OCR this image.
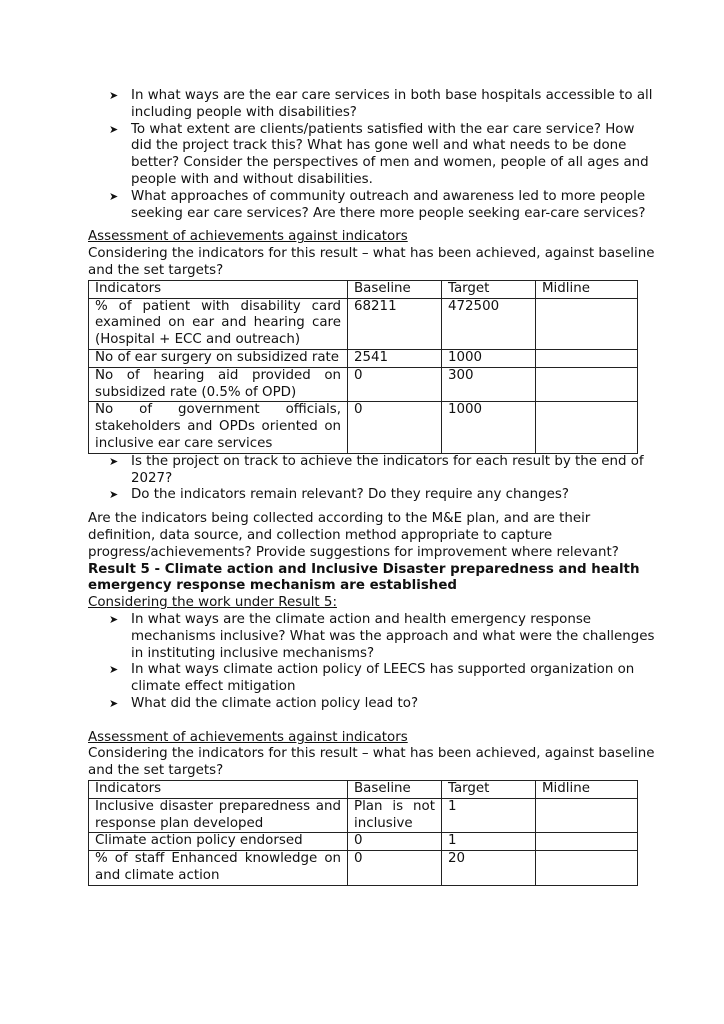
➤ In what ways are the ear care services in both base hospitals accessible to all including people with disabilities?
➤ To what extent are clients/patients satisfied with the ear care service? How did the project track this? What has gone well and what needs to be done better? Consider the perspectives of men and women, people of all ages and people with and without disabilities.
➤ What approaches of community outreach and awareness led to more people seeking ear care services? Are there more people seeking ear-care services?

Assessment of achievements against indicators

Considering the indicators for this result – what has been achieved, against baseline and the set targets?

Indicators	Baseline	Target	Midline
% of patient with disability card examined on ear and hearing care (Hospital + ECC and outreach)	68211	472500	
No of ear surgery on subsidized rate	2541	1000	
No of hearing aid provided on subsidized rate (0.5% of OPD)	0	300	
No of government officials, stakeholders and OPDs oriented on inclusive ear care services	0	1000	
➤ Is the project on track to achieve the indicators for each result by the end of 2027?
➤ Do the indicators remain relevant? Do they require any changes?

Are the indicators being collected according to the M&E plan, and are their definition, data source, and collection method appropriate to capture progress/achievements? Provide suggestions for improvement where relevant?

Result 5 - Climate action and Inclusive Disaster preparedness and health emergency response mechanism are established

Considering the work under Result 5:

➤ In what ways are the climate action and health emergency response mechanisms inclusive? What was the approach and what were the challenges in instituting inclusive mechanisms?
➤ In what ways climate action policy of LEECS has supported organization on climate effect mitigation
➤ What did the climate action policy lead to?

Assessment of achievements against indicators

Considering the indicators for this result – what has been achieved, against baseline and the set targets?

Indicators	Baseline	Target	Midline
Inclusive disaster preparedness and response plan developed	Plan is not inclusive	1	
Climate action policy endorsed	0	1	
% of staff Enhanced knowledge on and climate action	0	20	
